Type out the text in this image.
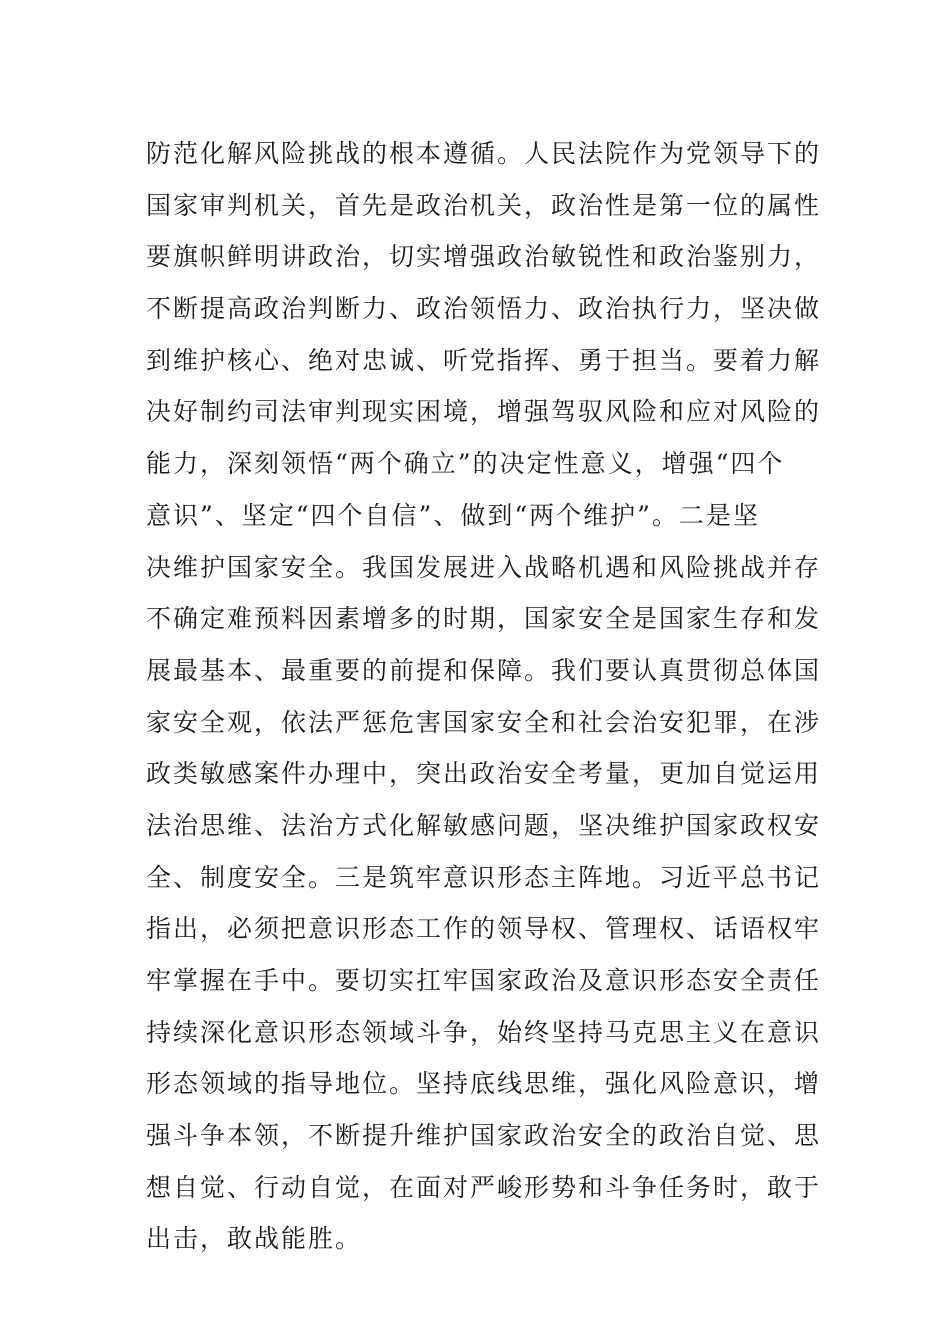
防范化解风险挑战的根本遵循。人民法院作为党领导下的
国家审判机关，首先是政治机关，政治性是第一位的属性
要旗帜鲜明讲政治，切实增强政治敏锐性和政治鉴别力，
不断提高政治判断力、政治领悟力、政治执行力，坚决做
到维护核心、绝对忠诚、听党指挥、勇于担当。要着力解
决好制约司法审判现实困境，增强驾驭风险和应对风险的
能力，深刻领悟“两个确立”的决定性意义，增强“四个
意识”、坚定“四个自信”、做到“两个维护”。二是坚
决维护国家安全。我国发展进入战略机遇和风险挑战并存
不确定难预料因素增多的时期，国家安全是国家生存和发
展最基本、最重要的前提和保障。我们要认真贯彻总体国
家安全观，依法严惩危害国家安全和社会治安犯罪，在涉
政类敏感案件办理中，突出政治安全考量，更加自觉运用
法治思维、法治方式化解敏感问题，坚决维护国家政权安
全、制度安全。三是筑牢意识形态主阵地。习近平总书记
指出，必须把意识形态工作的领导权、管理权、话语权牢
牢掌握在手中。要切实扛牢国家政治及意识形态安全责任
持续深化意识形态领域斗争，始终坚持马克思主义在意识
形态领域的指导地位。坚持底线思维，强化风险意识，增
强斗争本领，不断提升维护国家政治安全的政治自觉、思
想自觉、行动自觉，在面对严峻形势和斗争任务时，敢于
出击，敢战能胜。
